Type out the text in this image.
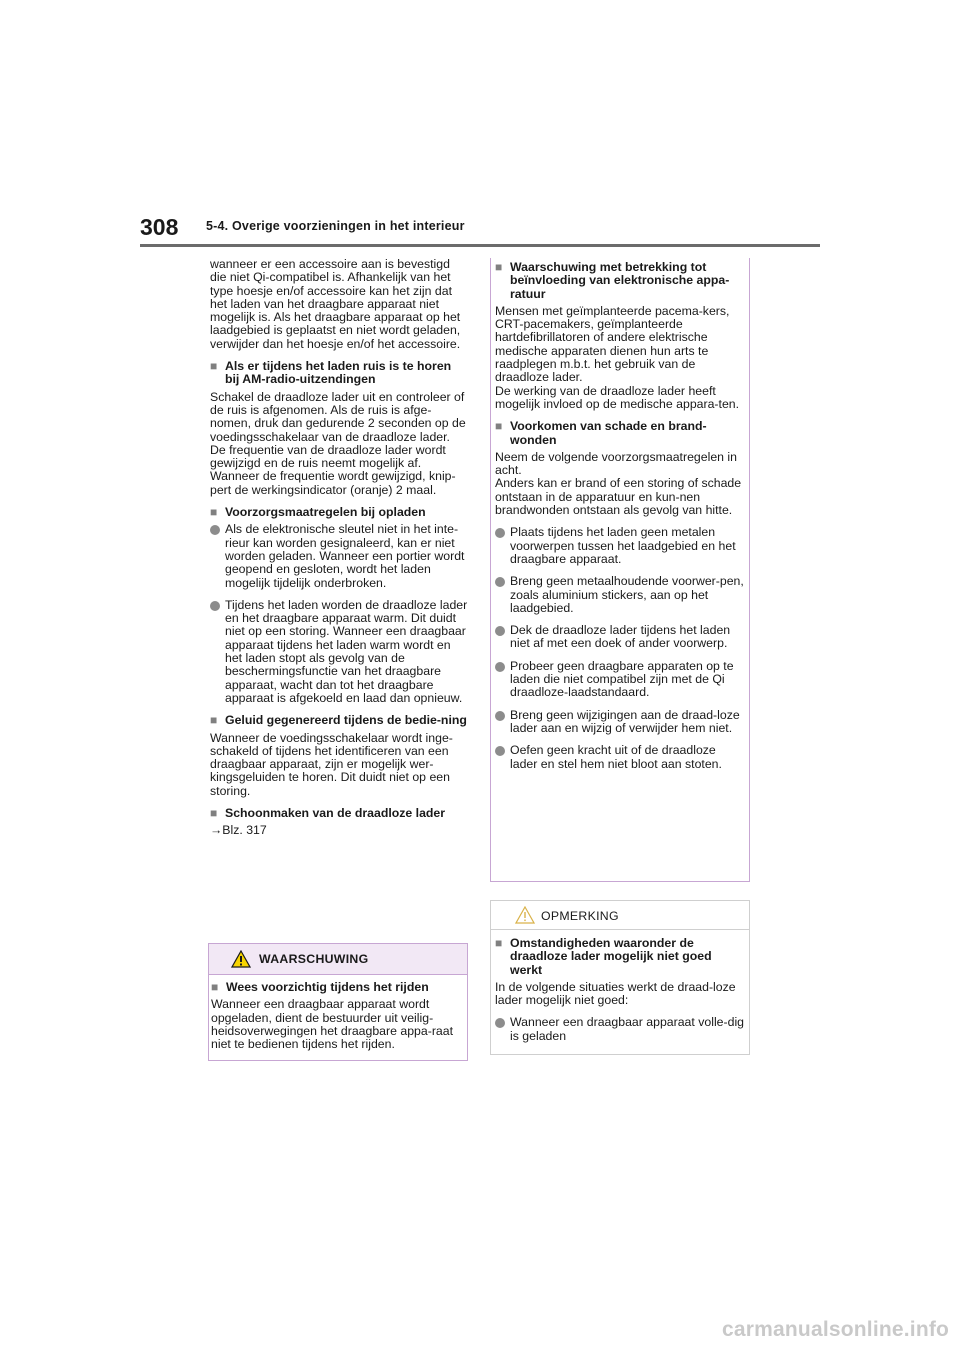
308 5-4. Overige voorzieningen in het interieur

wanneer er een accessoire aan is bevestigd die niet Qi-compatibel is. Afhankelijk van het type hoesje en/of accessoire kan het zijn dat het laden van het draagbare apparaat niet mogelijk is. Als het draagbare apparaat op het laadgebied is geplaatst en niet wordt geladen, verwijder dan het hoesje en/of het accessoire.

■
Als er tijdens het laden ruis is te horen bij AM-radio-uitzendingen

Schakel de draadloze lader uit en controleer of de ruis is afgenomen. Als de ruis is afge-nomen, druk dan gedurende 2 seconden op de voedingsschakelaar van de draadloze lader. De frequentie van de draadloze lader wordt gewijzigd en de ruis neemt mogelijk af. Wanneer de frequentie wordt gewijzigd, knip-pert de werkingsindicator (oranje) 2 maal.

■
Voorzorgsmaatregelen bij opladen
Als de elektronische sleutel niet in het inte-rieur kan worden gesignaleerd, kan er niet worden geladen. Wanneer een portier wordt geopend en gesloten, wordt het laden mogelijk tijdelijk onderbroken.
Tijdens het laden worden de draadloze lader en het draagbare apparaat warm. Dit duidt niet op een storing. Wanneer een draagbaar apparaat tijdens het laden warm wordt en het laden stopt als gevolg van de beschermingsfunctie van het draagbare apparaat, wacht dan tot het draagbare apparaat is afgekoeld en laad dan opnieuw.
■
Geluid gegenereerd tijdens de bedie-ning

Wanneer de voedingsschakelaar wordt inge-schakeld of tijdens het identificeren van een draagbaar apparaat, zijn er mogelijk wer-kingsgeluiden te horen. Dit duidt niet op een storing.

■
Schoonmaken van de draadloze lader

→Blz. 317

WAARSCHUWING
■
Wees voorzichtig tijdens het rijden

Wanneer een draagbaar apparaat wordt opgeladen, dient de bestuurder uit veilig-heidsoverwegingen het draagbare appa-raat niet te bedienen tijdens het rijden.

■
Waarschuwing met betrekking tot beïnvloeding van elektronische appa-ratuur

Mensen met geïmplanteerde pacema-kers, CRT-pacemakers, geïmplanteerde hartdefibrillatoren of andere elektrische medische apparaten dienen hun arts te raadplegen m.b.t. het gebruik van de draadloze lader.

De werking van de draadloze lader heeft mogelijk invloed op de medische appara-ten.

■
Voorkomen van schade en brand-wonden

Neem de volgende voorzorgsmaatregelen in acht.

Anders kan er brand of een storing of schade ontstaan in de apparatuur en kun-nen brandwonden ontstaan als gevolg van hitte.

Plaats tijdens het laden geen metalen voorwerpen tussen het laadgebied en het draagbare apparaat.
Breng geen metaalhoudende voorwer-pen, zoals aluminium stickers, aan op het laadgebied.
Dek de draadloze lader tijdens het laden niet af met een doek of ander voorwerp.
Probeer geen draagbare apparaten op te laden die niet compatibel zijn met de Qi draadloze-laadstandaard.
Breng geen wijzigingen aan de draad-loze lader aan en wijzig of verwijder hem niet.
Oefen geen kracht uit of de draadloze lader en stel hem niet bloot aan stoten.
OPMERKING
■
Omstandigheden waaronder de draadloze lader mogelijk niet goed werkt

In de volgende situaties werkt de draad-loze lader mogelijk niet goed:

Wanneer een draagbaar apparaat volle-dig is geladen
carmanualsonline.info
